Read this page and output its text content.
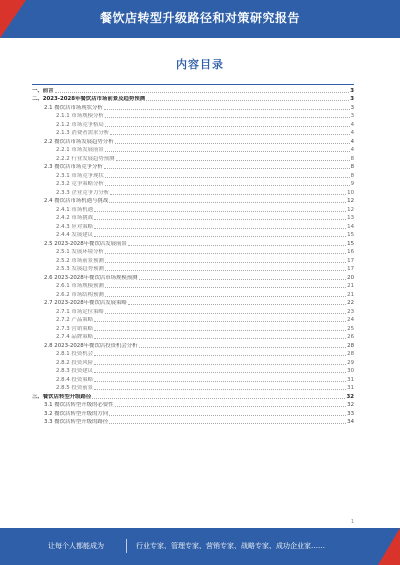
餐饮店转型升级路径和对策研究报告
内容目录
一、前言	3
二、2023-2028年餐饮店市场前景及趋势预测	3
2.1 餐饮店市场现状分析	3
2.1.1 市场规模分析	3
2.1.2 市场竞争格局	4
2.1.3 消费者需求分析	4
2.2 餐饮店市场发展趋势分析	4
2.2.1 市场发展前景	4
2.2.2 行业发展趋势预测	8
2.3 餐饮店市场竞争分析	8
2.3.1 市场竞争现状	8
2.3.2 竞争策略分析	9
2.3.3 企业竞争力分析	10
2.4 餐饮店市场机遇与挑战	12
2.4.1 市场机遇	12
2.4.2 市场挑战	13
2.4.3 应对策略	14
2.4.4 发展建议	15
2.5 2023-2028年餐饮店发展前景	15
2.5.1 发展环境分析	16
2.5.2 市场前景预测	17
2.5.3 发展趋势预测	17
2.6 2023-2028年餐饮店市场规模预测	20
2.6.1 市场规模预测	21
2.6.2 市场结构预测	21
2.7 2023-2028年餐饮店发展策略	22
2.7.1 市场定位策略	23
2.7.2 产品策略	24
2.7.3 营销策略	25
2.7.4 品牌策略	26
2.8 2023-2028年餐饮店投资机会分析	28
2.8.1 投资机会	28
2.8.2 投资风险	29
2.8.3 投资建议	30
2.8.4 投资策略	31
2.8.5 投资前景	31
三、餐饮店转型升级路径	32
3.1 餐饮店转型升级的必要性	32
3.2 餐饮店转型升级的方向	33
3.3 餐饮店转型升级的路径	34
1
让每个人都能成为	行业专家、管理专家、营销专家、战略专家、成功企业家……
